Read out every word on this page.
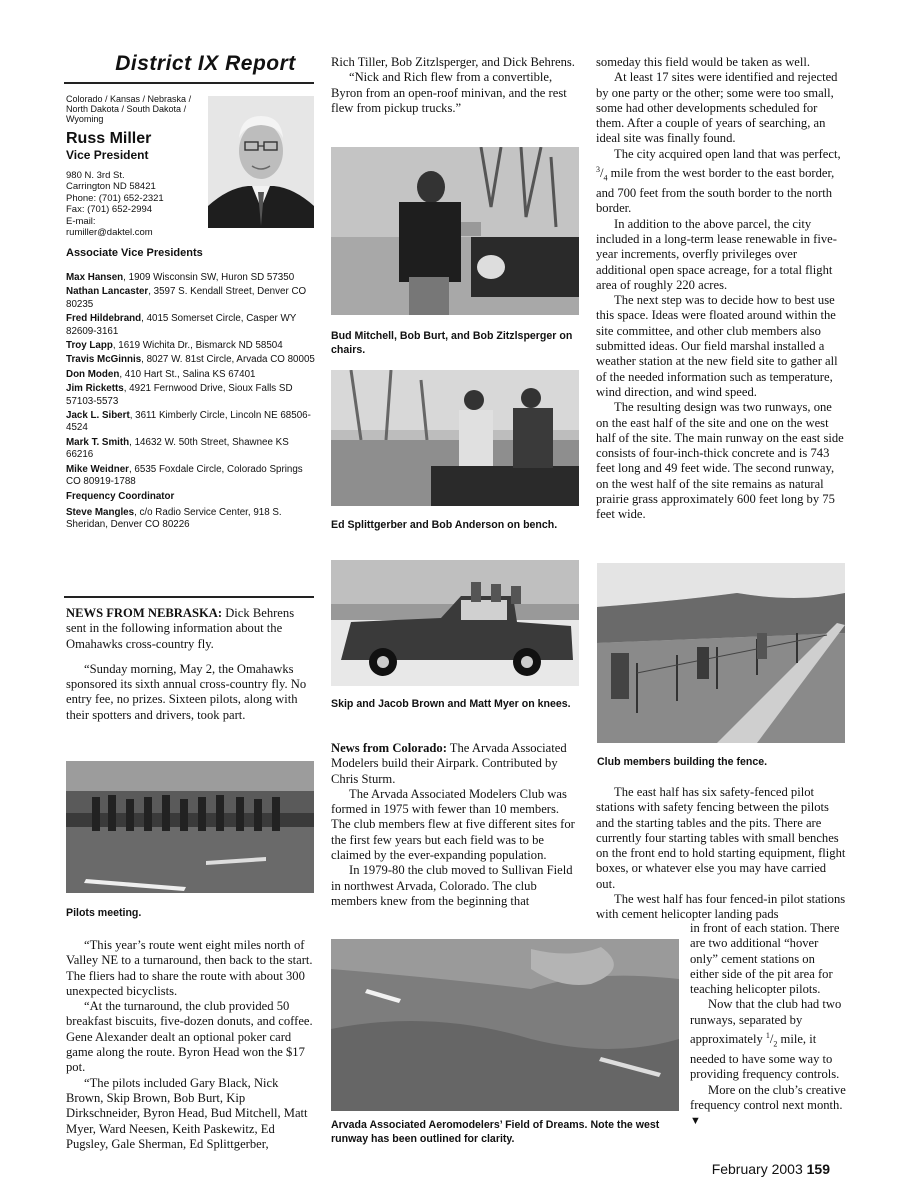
District IX Report
Colorado / Kansas / Nebraska / North Dakota / South Dakota / Wyoming
Russ Miller
Vice President
980 N. 3rd St.
Carrington ND 58421
Phone: (701) 652-2321
Fax: (701) 652-2994
E-mail:
rumiller@daktel.com
Associate Vice Presidents
Max Hansen, 1909 Wisconsin SW, Huron SD 57350
Nathan Lancaster, 3597 S. Kendall Street, Denver CO 80235
Fred Hildebrand, 4015 Somerset Circle, Casper WY 82609-3161
Troy Lapp, 1619 Wichita Dr., Bismarck ND 58504
Travis McGinnis, 8027 W. 81st Circle, Arvada CO 80005
Don Moden, 410 Hart St., Salina KS 67401
Jim Ricketts, 4921 Fernwood Drive, Sioux Falls SD 57103-5573
Jack L. Sibert, 3611 Kimberly Circle, Lincoln NE 68506-4524
Mark T. Smith, 14632 W. 50th Street, Shawnee KS 66216
Mike Weidner, 6535 Foxdale Circle, Colorado Springs CO 80919-1788
Frequency Coordinator
Steve Mangles, c/o Radio Service Center, 918 S. Sheridan, Denver CO 80226

NEWS FROM NEBRASKA: Dick Behrens sent in the following information about the Omahawks cross-country fly.

“Sunday morning, May 2, the Omahawks sponsored its sixth annual cross-country fly. No entry fee, no prizes. Sixteen pilots, along with their spotters and drivers, took part.

Pilots meeting.

“This year’s route went eight miles north of Valley NE to a turnaround, then back to the start. The fliers had to share the route with about 300 unexpected bicyclists.

“At the turnaround, the club provided 50 breakfast biscuits, five-dozen donuts, and coffee. Gene Alexander dealt an optional poker card game along the route. Byron Head won the $17 pot.

“The pilots included Gary Black, Nick Brown, Skip Brown, Bob Burt, Kip Dirkschneider, Byron Head, Bud Mitchell, Matt Myer, Ward Neesen, Keith Paskewitz, Ed Pugsley, Gale Sherman, Ed Splittgerber,

Rich Tiller, Bob Zitzlsperger, and Dick Behrens.

“Nick and Rich flew from a convertible, Byron from an open-roof minivan, and the rest flew from pickup trucks.”

Bud Mitchell, Bob Burt, and Bob Zitzlsperger on chairs.
Ed Splittgerber and Bob Anderson on bench.
Skip and Jacob Brown and Matt Myer on knees.

News from Colorado: The Arvada Associated Modelers build their Airpark. Contributed by Chris Sturm.

The Arvada Associated Modelers Club was formed in 1975 with fewer than 10 members. The club members flew at five different sites for the first few years but each field was to be claimed by the ever-expanding population.

In 1979-80 the club moved to Sullivan Field in northwest Arvada, Colorado. The club members knew from the beginning that

Arvada Associated Aeromodelers’ Field of Dreams. Note the west runway has been outlined for clarity.

someday this field would be taken as well.

At least 17 sites were identified and rejected by one party or the other; some were too small, some had other developments scheduled for them. After a couple of years of searching, an ideal site was finally found.

The city acquired open land that was perfect, $^3/_4$ mile from the west border to the east border, and 700 feet from the south border to the north border.

In addition to the above parcel, the city included in a long-term lease renewable in five-year increments, overfly privileges over additional open space acreage, for a total flight area of roughly 220 acres.

The next step was to decide how to best use this space. Ideas were floated around within the site committee, and other club members also submitted ideas. Our field marshal installed a weather station at the new field site to gather all of the needed information such as temperature, wind direction, and wind speed.

The resulting design was two runways, one on the east half of the site and one on the west half of the site. The main runway on the east side consists of four-inch-thick concrete and is 743 feet long and 49 feet wide. The second runway, on the west half of the site remains as natural prairie grass approximately 600 feet long by 75 feet wide.

Club members building the fence.

The east half has six safety-fenced pilot stations with safety fencing between the pilots and the starting tables and the pits. There are currently four starting tables with small benches on the front end to hold starting equipment, flight boxes, or whatever else you may have carried out.

The west half has four fenced-in pilot stations with cement helicopter landing pads

in front of each station. There are two additional “hover only” cement stations on either side of the pit area for teaching helicopter pilots.

Now that the club had two runways, separated by approximately $^1/_2$ mile, it needed to have some way to providing frequency controls.

More on the club’s creative frequency control next month. ▼

February 2003 159
